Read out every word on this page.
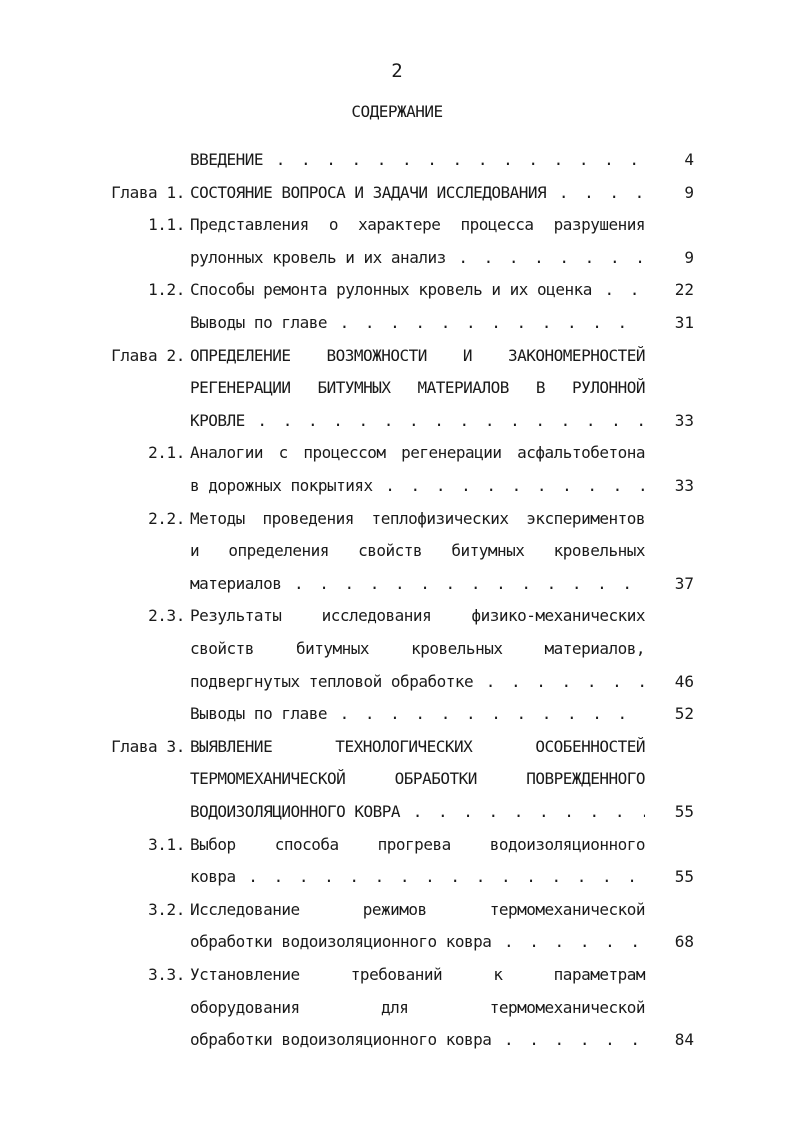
2
СОДЕРЖАНИЕ
ВВЕДЕНИЕ . . .	4
Глава 1. СОСТОЯНИЕ ВОПРОСА И ЗАДАЧИ ИССЛЕДОВАНИЯ . . .	9
1.1. Представления о характере процесса разрушения
рулонных кровель и их анализ . . .	9
1.2. Способы ремонта рулонных кровель и их оценка . . .	22
Выводы по главе . . .	31
Глава 2. ОПРЕДЕЛЕНИЕ ВОЗМОЖНОСТИ И ЗАКОНОМЕРНОСТЕЙ
РЕГЕНЕРАЦИИ БИТУМНЫХ МАТЕРИАЛОВ В РУЛОННОЙ
КРОВЛЕ . . .	33
2.1. Аналогии с процессом регенерации асфальтобетона
в дорожных покрытиях . . .	33
2.2. Методы проведения теплофизических экспериментов
и определения свойств битумных кровельных
материалов . . .	37
2.3. Результаты исследования физико-механических
свойств битумных кровельных материалов,
подвергнутых тепловой обработке . . .	46
Выводы по главе . . .	52
Глава 3. ВЫЯВЛЕНИЕ ТЕХНОЛОГИЧЕСКИХ ОСОБЕННОСТЕЙ
ТЕРМОМЕХАНИЧЕСКОЙ ОБРАБОТКИ ПОВРЕЖДЕННОГО
ВОДОИЗОЛЯЦИОННОГО КОВРА . . .	55
3.1. Выбор способа прогрева водоизоляционного
ковра . . .	55
3.2. Исследование режимов термомеханической
обработки водоизоляционного ковра . . .	68
3.3. Установление требований к параметрам
оборудования для термомеханической
обработки водоизоляционного ковра . . .	84
